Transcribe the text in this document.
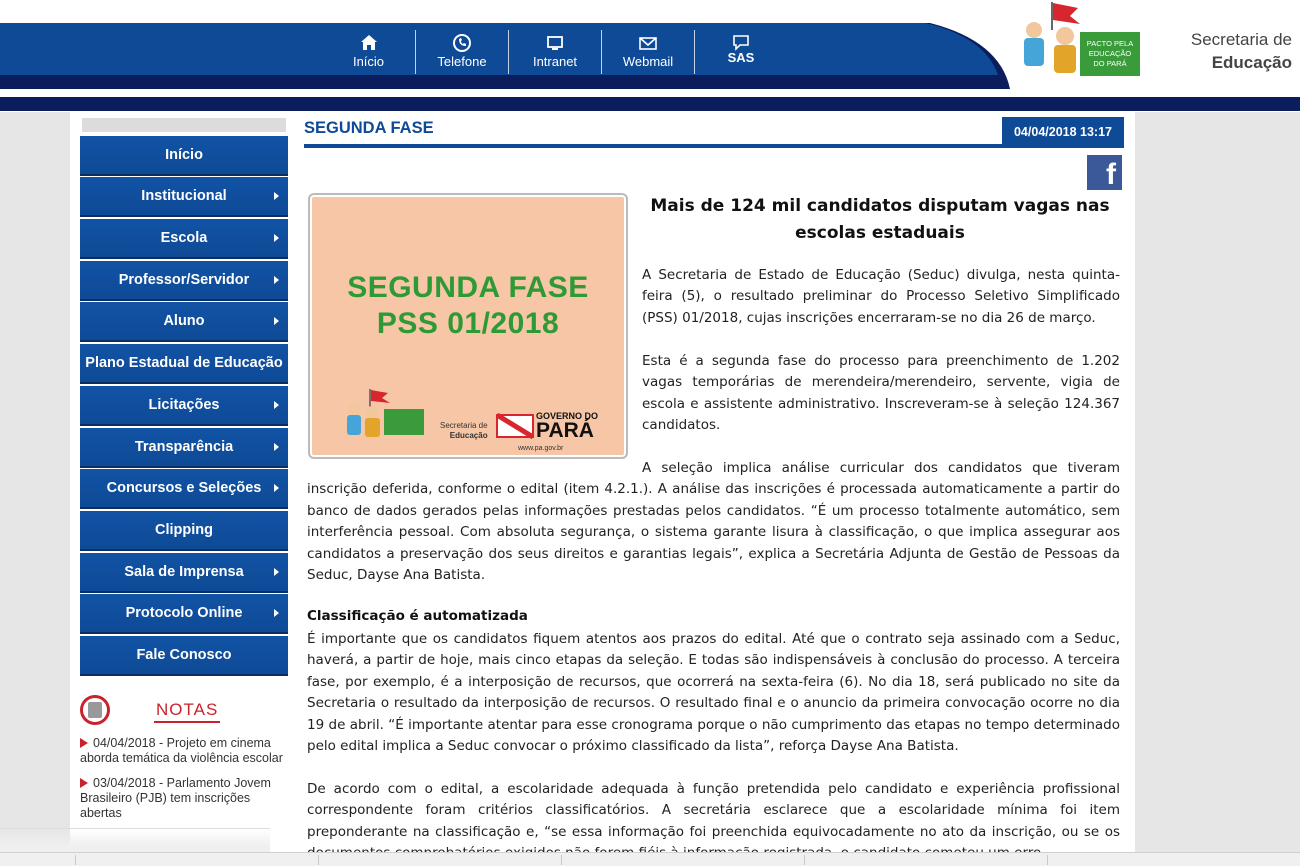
Início	Telefone	Intranet	Webmail	SAS
PACTO PELA
EDUCAÇÃO
DO PARÁ
Secretaria de
Educação
Início
Institucional
Escola
Professor/Servidor
Aluno
Plano Estadual de Educação
Licitações
Transparência
Concursos e Seleções
Clipping
Sala de Imprensa
Protocolo Online
Fale Conosco
NOTAS
04/04/2018 - Projeto em cinema aborda temática da violência escolar
03/04/2018 - Parlamento Jovem Brasileiro (PJB) tem inscrições abertas
SEGUNDA FASE	04/04/2018 13:17
f
SEGUNDA FASE
PSS 01/2018
Secretaria de
Educação
GOVERNO DO
PARÁ
www.pa.gov.br
Mais de 124 mil candidatos disputam vagas nas escolas estaduais
A Secretaria de Estado de Educação (Seduc) divulga, nesta quinta-feira (5), o resultado preliminar do Processo Seletivo Simplificado (PSS) 01/2018, cujas inscrições encerraram-se no dia 26 de março.
Esta é a segunda fase do processo para preenchimento de 1.202 vagas temporárias de merendeira/merendeiro, servente, vigia de escola e assistente administrativo. Inscreveram-se à seleção 124.367 candidatos.
A seleção implica análise curricular dos candidatos que tiveram inscrição deferida, conforme o edital (item 4.2.1.). A análise das inscrições é processada automaticamente a partir do banco de dados gerados pelas informações prestadas pelos candidatos. “É um processo totalmente automático, sem interferência pessoal. Com absoluta segurança, o sistema garante lisura à classificação, o que implica assegurar aos candidatos a preservação dos seus direitos e garantias legais”, explica a Secretária Adjunta de Gestão de Pessoas da Seduc, Dayse Ana Batista.
Classificação é automatizada
É importante que os candidatos fiquem atentos aos prazos do edital. Até que o contrato seja assinado com a Seduc, haverá, a partir de hoje, mais cinco etapas da seleção. E todas são indispensáveis à conclusão do processo. A terceira fase, por exemplo, é a interposição de recursos, que ocorrerá na sexta-feira (6). No dia 18, será publicado no site da Secretaria o resultado da interposição de recursos. O resultado final e o anuncio da primeira convocação ocorre no dia 19 de abril. “É importante atentar para esse cronograma porque o não cumprimento das etapas no tempo determinado pelo edital implica a Seduc convocar o próximo classificado da lista”, reforça Dayse Ana Batista.
De acordo com o edital, a escolaridade adequada à função pretendida pelo candidato e experiência profissional correspondente foram critérios classificatórios. A secretária esclarece que a escolaridade mínima foi item preponderante na classificação e, “se essa informação foi preenchida equivocadamente no ato da inscrição, ou se os
